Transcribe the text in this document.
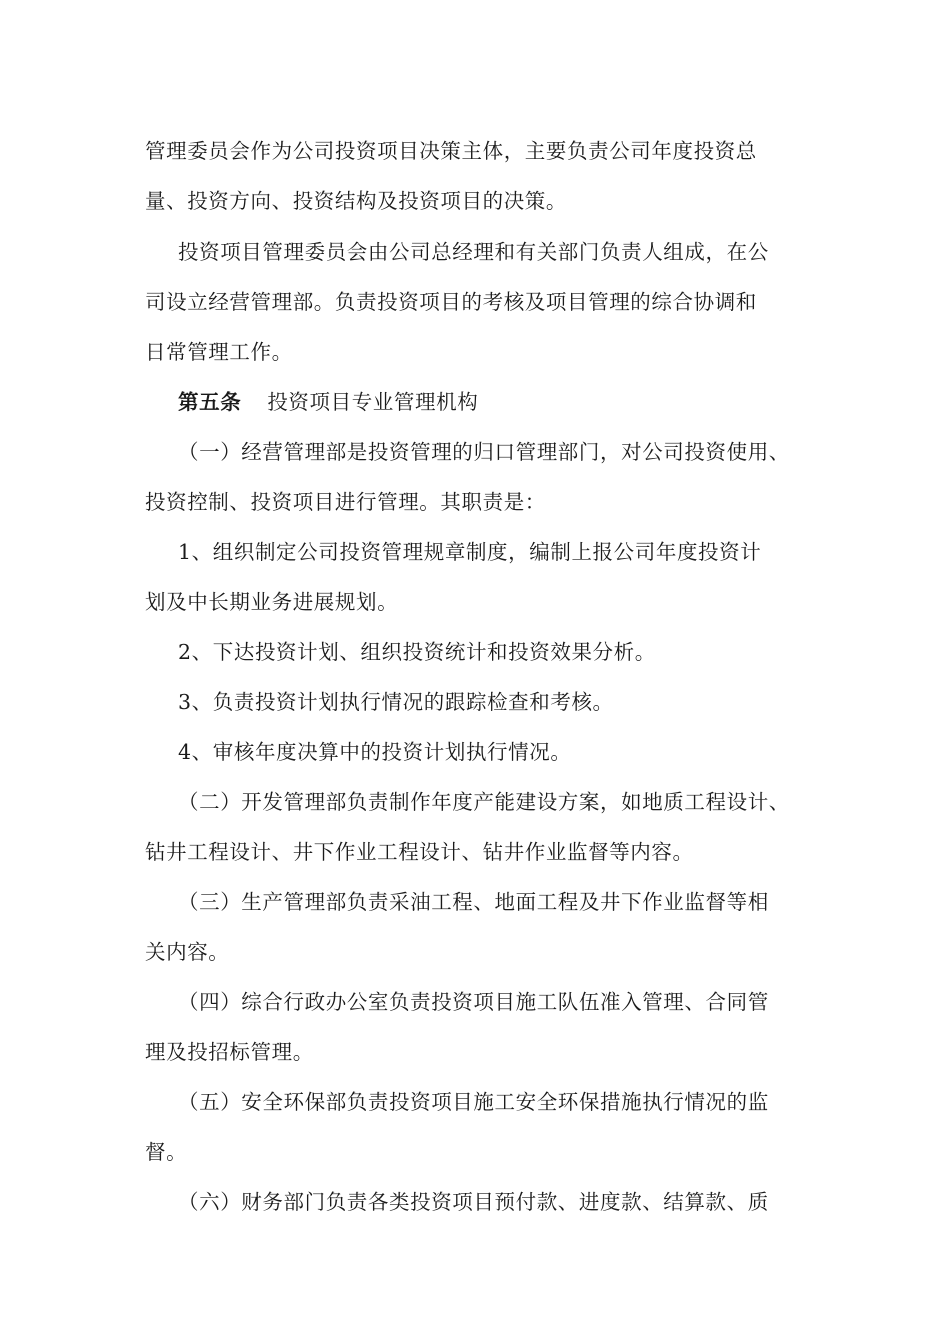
管理委员会作为公司投资项目决策主体，主要负责公司年度投资总
量、投资方向、投资结构及投资项目的决策。
投资项目管理委员会由公司总经理和有关部门负责人组成，在公
司设立经营管理部。负责投资项目的考核及项目管理的综合协调和
日常管理工作。
第五条 投资项目专业管理机构
（一）经营管理部是投资管理的归口管理部门，对公司投资使用、
投资控制、投资项目进行管理。其职责是：
1、组织制定公司投资管理规章制度，编制上报公司年度投资计
划及中长期业务进展规划。
2、下达投资计划、组织投资统计和投资效果分析。
3、负责投资计划执行情况的跟踪检查和考核。
4、审核年度决算中的投资计划执行情况。
（二）开发管理部负责制作年度产能建设方案，如地质工程设计、
钻井工程设计、井下作业工程设计、钻井作业监督等内容。
（三）生产管理部负责采油工程、地面工程及井下作业监督等相
关内容。
（四）综合行政办公室负责投资项目施工队伍准入管理、合同管
理及投招标管理。
（五）安全环保部负责投资项目施工安全环保措施执行情况的监
督。
（六）财务部门负责各类投资项目预付款、进度款、结算款、质
